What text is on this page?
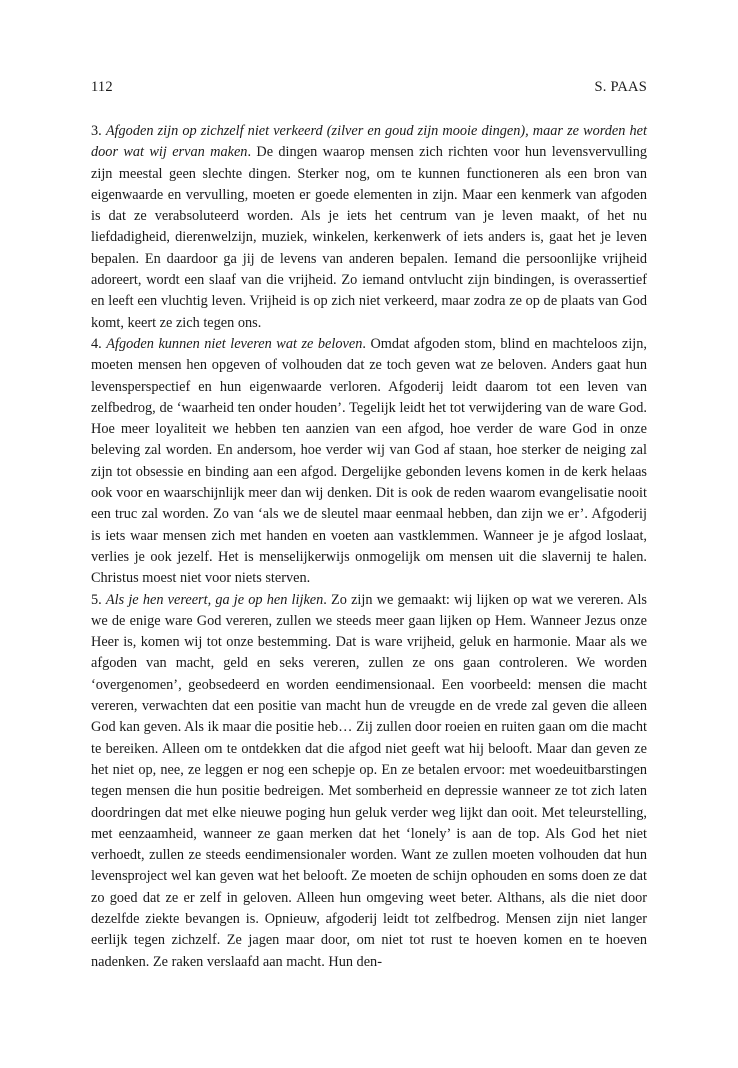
112	S. PAAS

3. Afgoden zijn op zichzelf niet verkeerd (zilver en goud zijn mooie dingen), maar ze worden het door wat wij ervan maken. De dingen waarop mensen zich richten voor hun levensvervulling zijn meestal geen slechte dingen. Sterker nog, om te kunnen functioneren als een bron van eigenwaarde en vervulling, moeten er goede elementen in zijn. Maar een kenmerk van afgoden is dat ze verabsoluteerd worden. Als je iets het centrum van je leven maakt, of het nu liefdadigheid, dierenwelzijn, muziek, winkelen, kerkenwerk of iets anders is, gaat het je leven bepalen. En daardoor ga jij de levens van anderen bepalen. Iemand die persoonlijke vrijheid adoreert, wordt een slaaf van die vrijheid. Zo iemand ontvlucht zijn bindingen, is overassertief en leeft een vluchtig leven. Vrijheid is op zich niet verkeerd, maar zodra ze op de plaats van God komt, keert ze zich tegen ons.

4. Afgoden kunnen niet leveren wat ze beloven. Omdat afgoden stom, blind en machteloos zijn, moeten mensen hen opgeven of volhouden dat ze toch geven wat ze beloven. Anders gaat hun levensperspectief en hun eigenwaarde verloren. Afgoderij leidt daarom tot een leven van zelfbedrog, de ‘waarheid ten onder houden’. Tegelijk leidt het tot verwijdering van de ware God. Hoe meer loyaliteit we hebben ten aanzien van een afgod, hoe verder de ware God in onze beleving zal worden. En andersom, hoe verder wij van God af staan, hoe sterker de neiging zal zijn tot obsessie en binding aan een afgod. Dergelijke gebonden levens komen in de kerk helaas ook voor en waarschijnlijk meer dan wij denken. Dit is ook de reden waarom evangelisatie nooit een truc zal worden. Zo van ‘als we de sleutel maar eenmaal hebben, dan zijn we er’. Afgoderij is iets waar mensen zich met handen en voeten aan vastklemmen. Wanneer je je afgod loslaat, verlies je ook jezelf. Het is menselijkerwijs onmogelijk om mensen uit die slavernij te halen. Christus moest niet voor niets sterven.

5. Als je hen vereert, ga je op hen lijken. Zo zijn we gemaakt: wij lijken op wat we vereren. Als we de enige ware God vereren, zullen we steeds meer gaan lijken op Hem. Wanneer Jezus onze Heer is, komen wij tot onze bestemming. Dat is ware vrijheid, geluk en harmonie. Maar als we afgoden van macht, geld en seks vereren, zullen ze ons gaan controleren. We worden ‘overgenomen’, geobsedeerd en worden eendimensionaal. Een voorbeeld: mensen die macht vereren, verwachten dat een positie van macht hun de vreugde en de vrede zal geven die alleen God kan geven. Als ik maar die positie heb… Zij zullen door roeien en ruiten gaan om die macht te bereiken. Alleen om te ontdekken dat die afgod niet geeft wat hij belooft. Maar dan geven ze het niet op, nee, ze leggen er nog een schepje op. En ze betalen ervoor: met woedeuitbarstingen tegen mensen die hun positie bedreigen. Met somberheid en depressie wanneer ze tot zich laten doordringen dat met elke nieuwe poging hun geluk verder weg lijkt dan ooit. Met teleurstelling, met eenzaamheid, wanneer ze gaan merken dat het ‘lonely’ is aan de top. Als God het niet verhoedt, zullen ze steeds eendimensionaler worden. Want ze zullen moeten volhouden dat hun levensproject wel kan geven wat het belooft. Ze moeten de schijn ophouden en soms doen ze dat zo goed dat ze er zelf in geloven. Alleen hun omgeving weet beter. Althans, als die niet door dezelfde ziekte bevangen is. Opnieuw, afgoderij leidt tot zelfbedrog. Mensen zijn niet langer eerlijk tegen zichzelf. Ze jagen maar door, om niet tot rust te hoeven komen en te hoeven nadenken. Ze raken verslaafd aan macht. Hun den-
